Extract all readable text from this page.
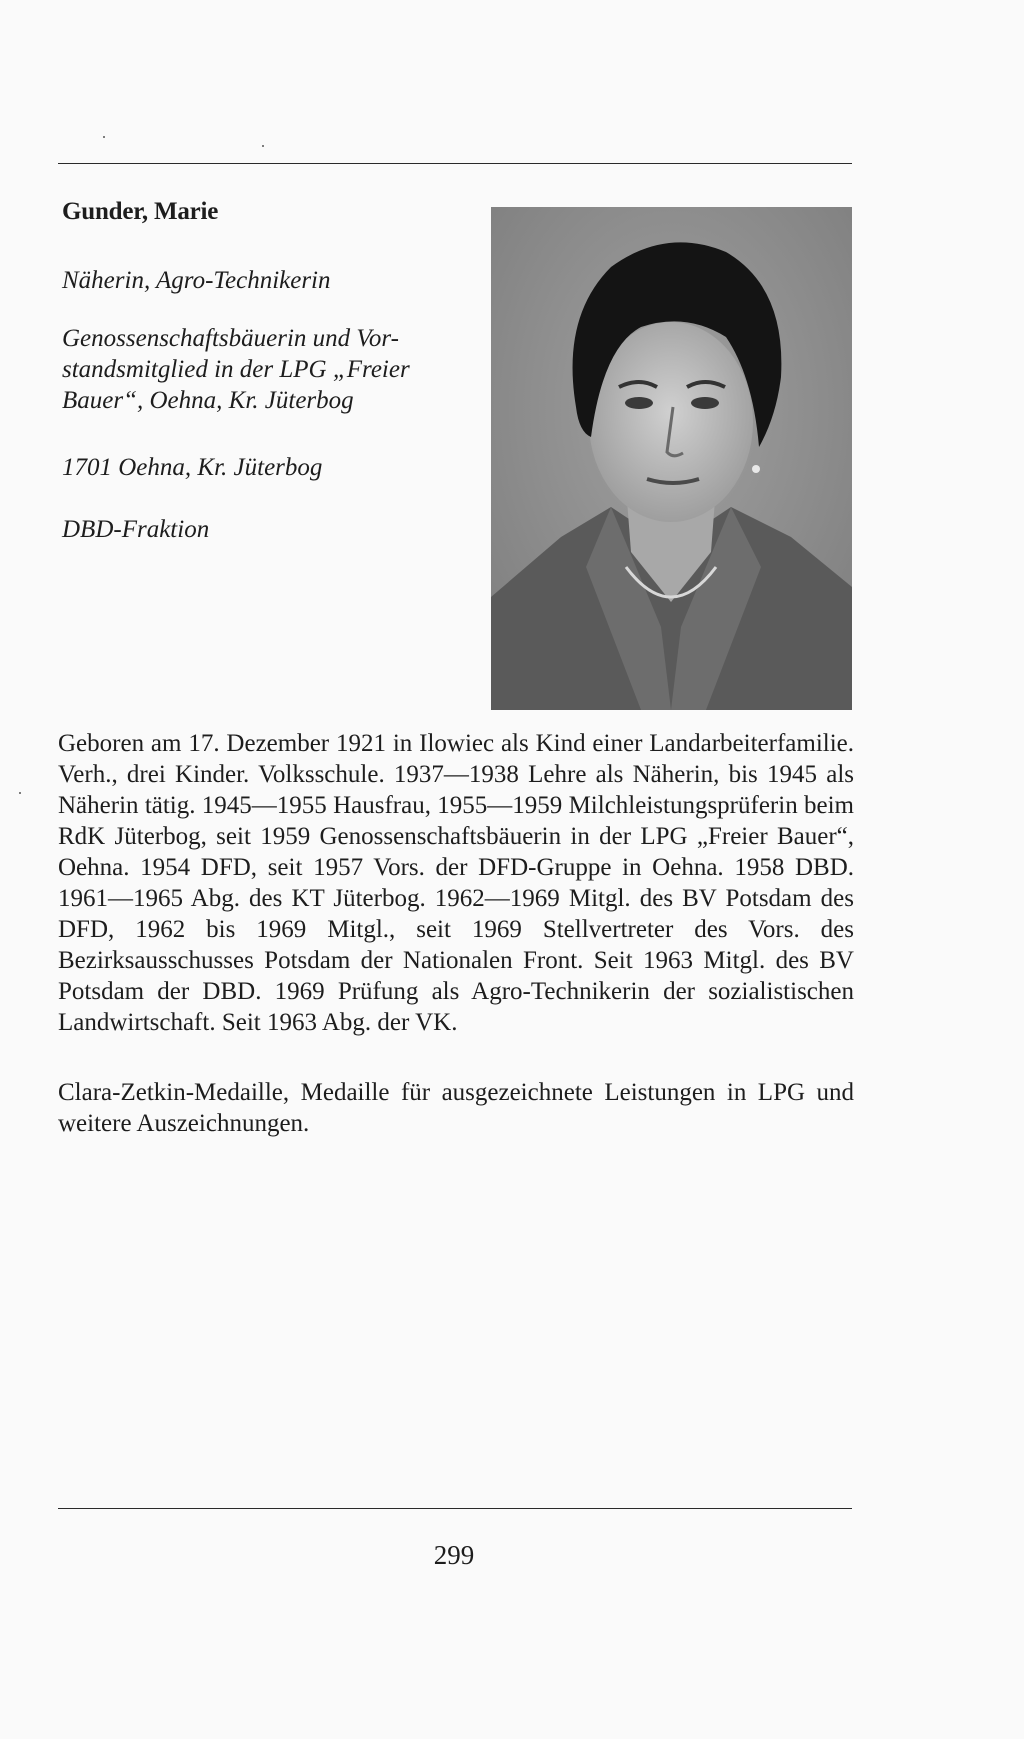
Gunder, Marie

Näherin, Agro-Technikerin

Genossenschaftsbäuerin und Vor-
standsmitglied in der LPG „Freier
Bauer“, Oehna, Kr. Jüterbog

1701 Oehna, Kr. Jüterbog

DBD-Fraktion

Geboren am 17. Dezember 1921 in Ilowiec als Kind einer Landarbeiterfamilie. Verh., drei Kinder. Volksschule. 1937—1938 Lehre als Näherin, bis 1945 als Näherin tätig. 1945—1955 Hausfrau, 1955—1959 Milchleistungsprüferin beim RdK Jüterbog, seit 1959 Genossenschaftsbäuerin in der LPG „Freier Bauer“, Oehna. 1954 DFD, seit 1957 Vors. der DFD-Gruppe in Oehna. 1958 DBD. 1961—1965 Abg. des KT Jüterbog. 1962—1969 Mitgl. des BV Potsdam des DFD, 1962 bis 1969 Mitgl., seit 1969 Stellvertreter des Vors. des Bezirksausschusses Potsdam der Nationalen Front. Seit 1963 Mitgl. des BV Potsdam der DBD. 1969 Prüfung als Agro-Technikerin der sozialistischen Landwirtschaft. Seit 1963 Abg. der VK.

Clara-Zetkin-Medaille, Medaille für ausgezeichnete Leistungen in LPG und weitere Auszeichnungen.

299
